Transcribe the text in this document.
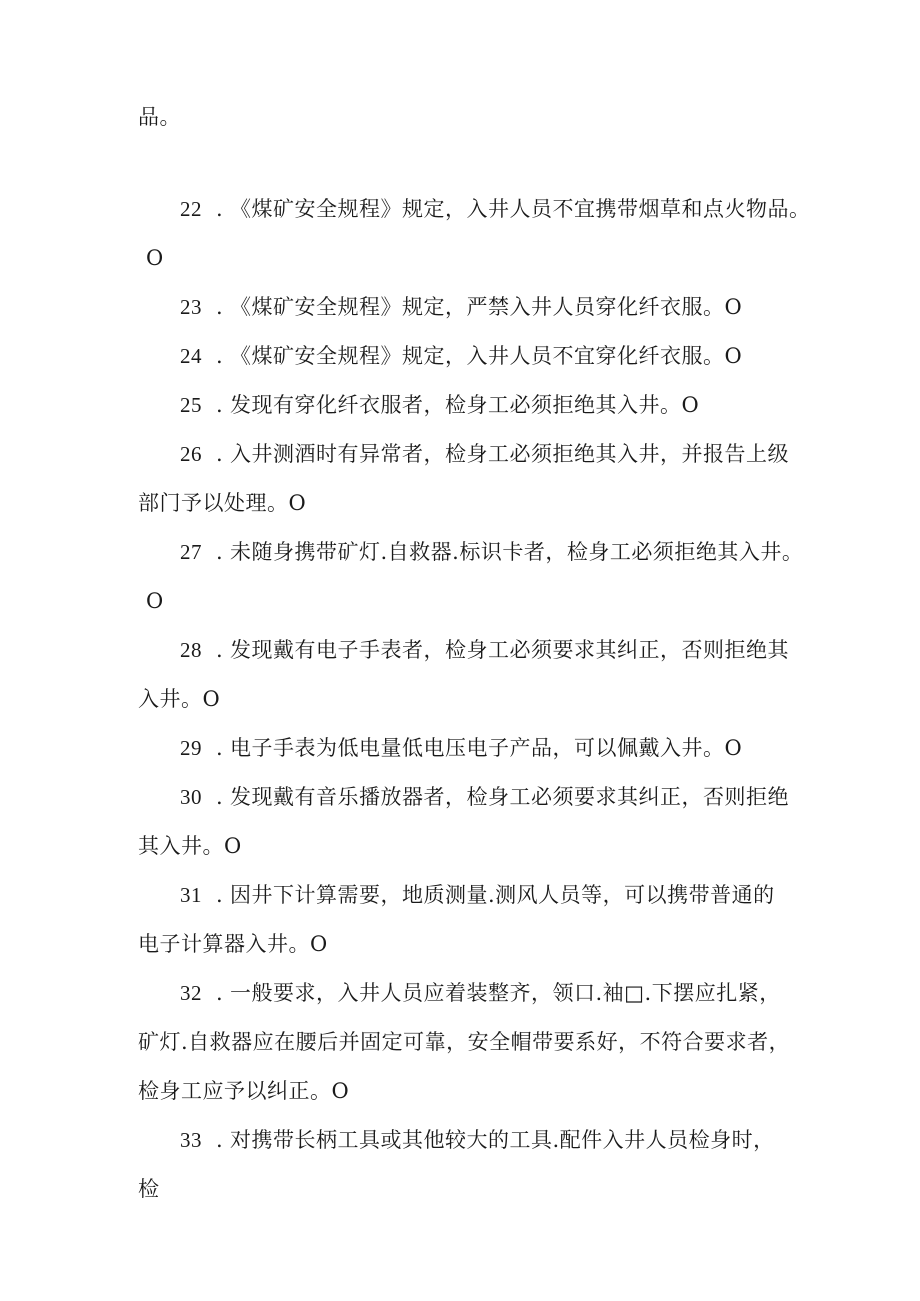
品。
22 . 《煤矿安全规程》规定，入井人员不宜携带烟草和点火物品。
O
23 . 《煤矿安全规程》规定，严禁入井人员穿化纤衣服。O
24 . 《煤矿安全规程》规定，入井人员不宜穿化纤衣服。O
25 . 发现有穿化纤衣服者，检身工必须拒绝其入井。O
26 . 入井测酒时有异常者，检身工必须拒绝其入井，并报告上级
部门予以处理。O
27 . 未随身携带矿灯.自救器.标识卡者，检身工必须拒绝其入井。
O
28 . 发现戴有电子手表者，检身工必须要求其纠正，否则拒绝其
入井。O
29 . 电子手表为低电量低电压电子产品，可以佩戴入井。O
30 . 发现戴有音乐播放器者，检身工必须要求其纠正，否则拒绝
其入井。O
31 . 因井下计算需要，地质测量.测风人员等，可以携带普通的
电子计算器入井。O
32 . 一般要求，入井人员应着装整齐，领口.袖□.下摆应扎紧，
矿灯.自救器应在腰后并固定可靠，安全帽带要系好，不符合要求者，
检身工应予以纠正。O
33 . 对携带长柄工具或其他较大的工具.配件入井人员检身时，
检
